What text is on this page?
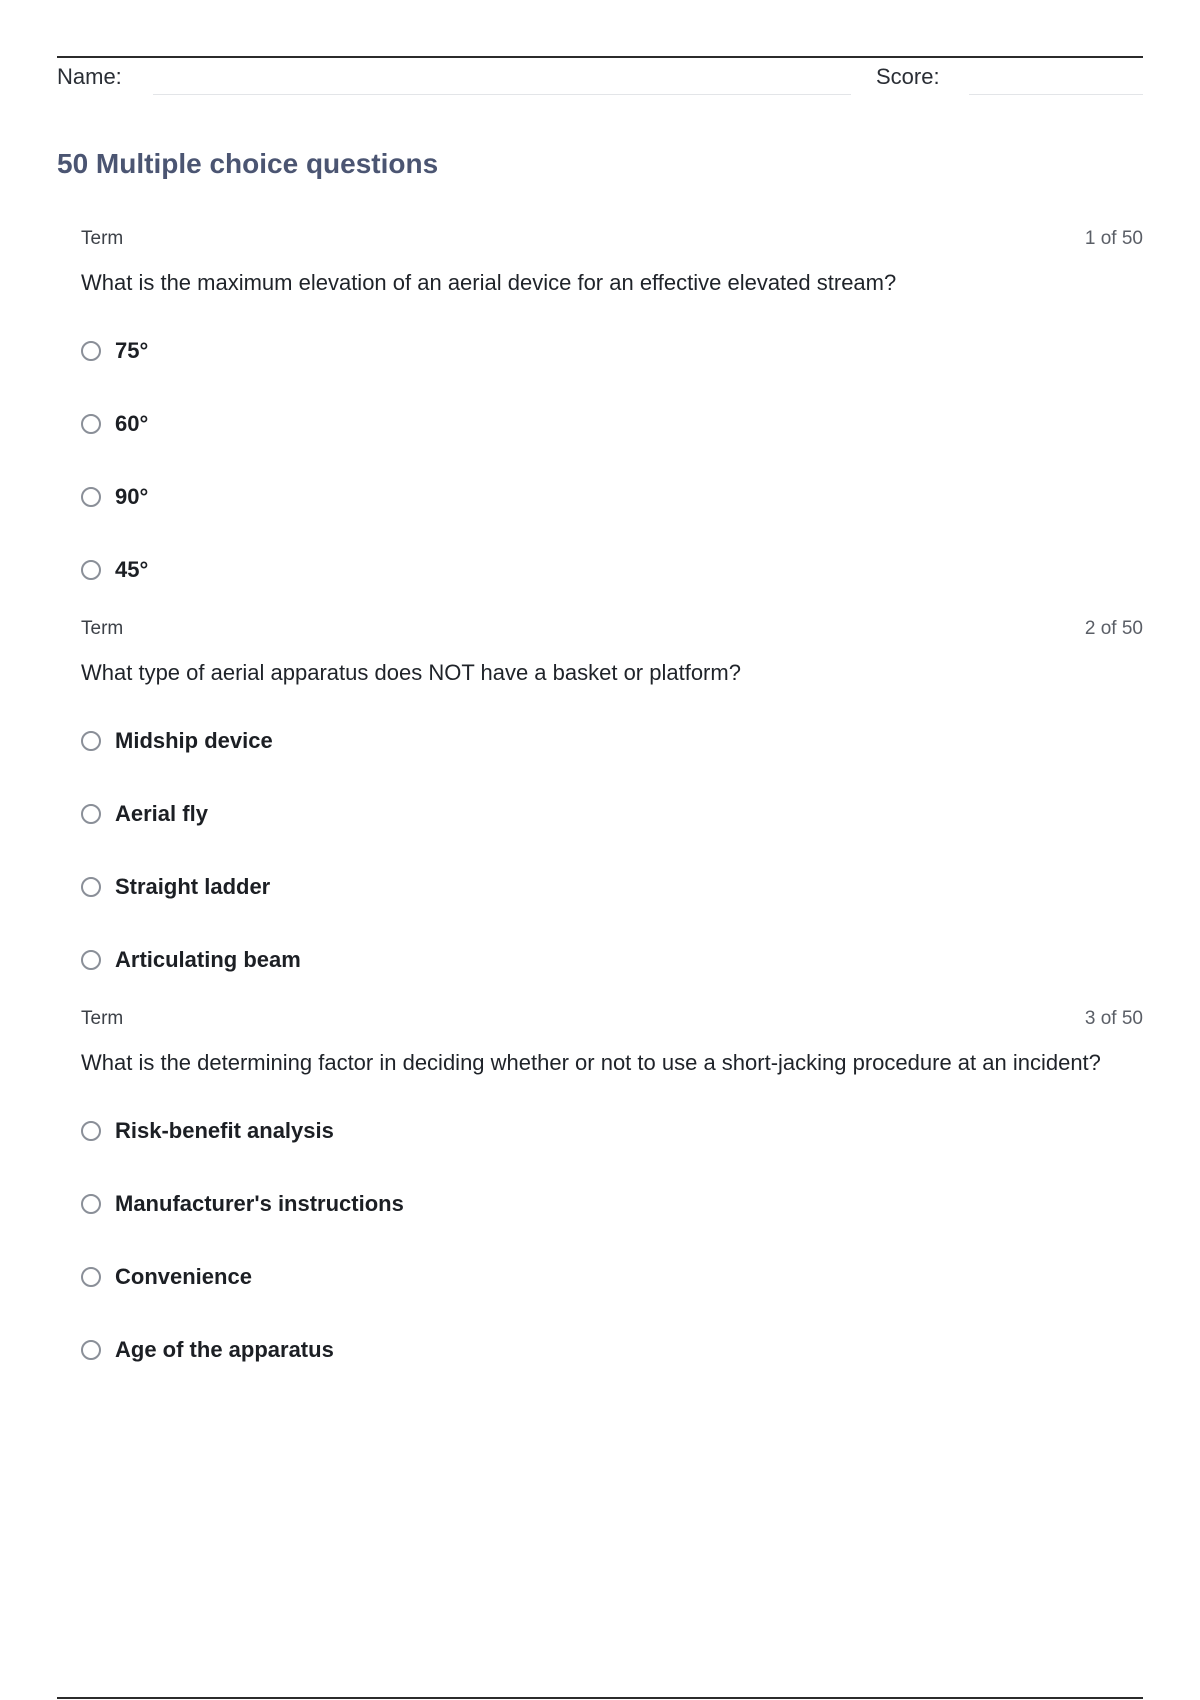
Name:	Score:
50 Multiple choice questions
Term	1 of 50
What is the maximum elevation of an aerial device for an effective elevated stream?
75°
60°
90°
45°
Term	2 of 50
What type of aerial apparatus does NOT have a basket or platform?
Midship device
Aerial fly
Straight ladder
Articulating beam
Term	3 of 50
What is the determining factor in deciding whether or not to use a short-jacking procedure at an incident?
Risk-benefit analysis
Manufacturer's instructions
Convenience
Age of the apparatus
